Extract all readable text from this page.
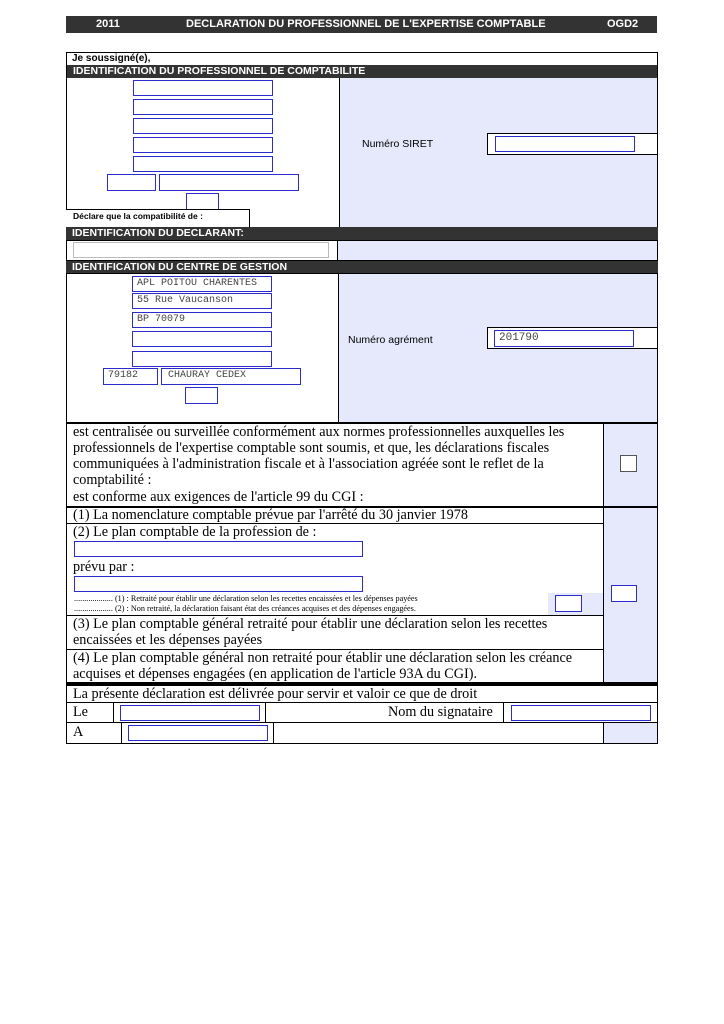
2011	DECLARATION DU PROFESSIONNEL DE L'EXPERTISE COMPTABLE	OGD2
Je soussigné(e),
IDENTIFICATION DU PROFESSIONNEL DE COMPTABILITE
Numéro SIRET
Déclare que la compatibilité de :
IDENTIFICATION DU DECLARANT:
IDENTIFICATION DU CENTRE DE GESTION
Numéro agrément	201790
APL POITOU CHARENTES
55 Rue Vaucanson
BP 70079
79182	CHAURAY CEDEX
est centralisée ou surveillée conformément aux normes professionnelles auxquelles les professionnels de l'expertise comptable sont soumis, et que, les déclarations fiscales communiquées à l'administration fiscale et à l'association agréée sont le reflet de la comptabilité :
est conforme aux exigences de l'article 99 du CGI :
(1) La nomenclature comptable prévue par l'arrêté du 30 janvier 1978
(2) Le plan comptable de la profession de :
prévu par :
................... (1) : Retraité pour établir une déclaration selon les recettes encaissées et les dépenses payées
................... (2) : Non retraité, la déclaration faisant état des créances acquises et des dépenses engagées.
(3) Le plan comptable général retraité pour établir une déclaration selon les recettes
encaissées et les dépenses payées
(4) Le plan comptable général non retraité pour établir une déclaration selon les créance
acquises et dépenses engagées (en application de l'article 93A du CGI).
La présente déclaration est délivrée pour servir et valoir ce que de droit
Le	Nom du signataire
A
